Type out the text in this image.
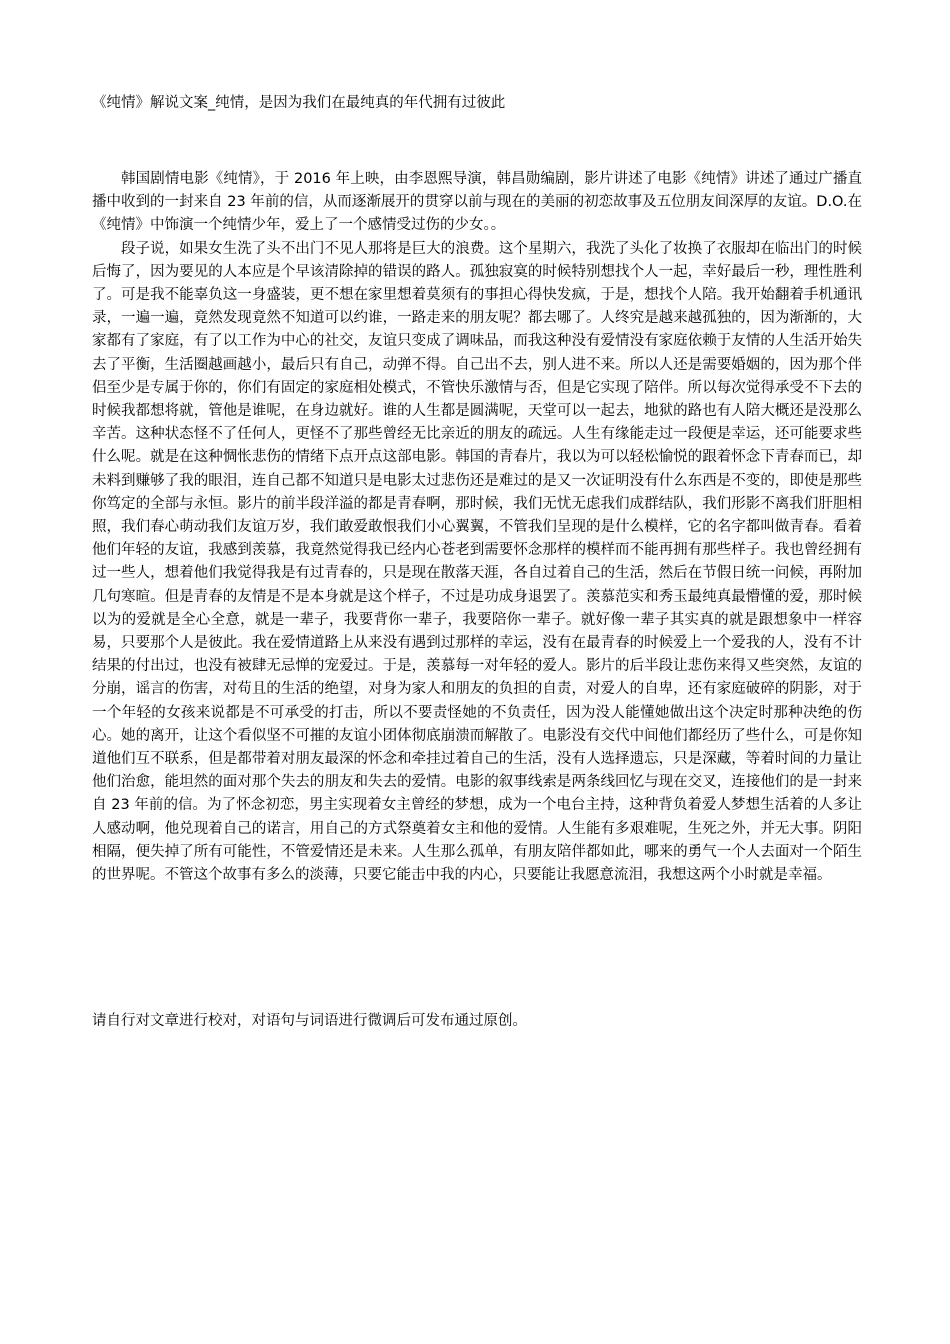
《纯情》解说文案_纯情，是因为我们在最纯真的年代拥有过彼此

韩国剧情电影《纯情》，于 2016 年上映，由李恩熙导演，韩昌勋编剧，影片讲述了电影《纯情》讲述了通过广播直播中收到的一封来自 23 年前的信，从而逐渐展开的贯穿以前与现在的美丽的初恋故事及五位朋友间深厚的友谊。D.O.在《纯情》中饰演一个纯情少年，爱上了一个感情受过伤的少女。。

段子说，如果女生洗了头不出门不见人那将是巨大的浪费。这个星期六，我洗了头化了妆换了衣服却在临出门的时候后悔了，因为要见的人本应是个早该清除掉的错误的路人。孤独寂寞的时候特别想找个人一起，幸好最后一秒，理性胜利了。可是我不能辜负这一身盛装，更不想在家里想着莫须有的事担心得快发疯，于是，想找个人陪。我开始翻着手机通讯录，一遍一遍，竟然发现竟然不知道可以约谁，一路走来的朋友呢？都去哪了。人终究是越来越孤独的，因为渐渐的，大家都有了家庭，有了以工作为中心的社交，友谊只变成了调味品，而我这种没有爱情没有家庭依赖于友情的人生活开始失去了平衡，生活圈越画越小，最后只有自己，动弹不得。自己出不去，别人进不来。所以人还是需要婚姻的，因为那个伴侣至少是专属于你的，你们有固定的家庭相处模式，不管快乐激情与否，但是它实现了陪伴。所以每次觉得承受不下去的时候我都想将就，管他是谁呢，在身边就好。谁的人生都是圆满呢，天堂可以一起去，地狱的路也有人陪大概还是没那么辛苦。这种状态怪不了任何人，更怪不了那些曾经无比亲近的朋友的疏远。人生有缘能走过一段便是幸运，还可能要求些什么呢。就是在这种惆怅悲伤的情绪下点开点这部电影。韩国的青春片，我以为可以轻松愉悦的跟着怀念下青春而已，却未料到赚够了我的眼泪，连自己都不知道只是电影太过悲伤还是难过的是又一次证明没有什么东西是不变的，即使是那些你笃定的全部与永恒。影片的前半段洋溢的都是青春啊，那时候，我们无忧无虑我们成群结队，我们形影不离我们肝胆相照，我们春心萌动我们友谊万岁，我们敢爱敢恨我们小心翼翼，不管我们呈现的是什么模样，它的名字都叫做青春。看着他们年轻的友谊，我感到羡慕，我竟然觉得我已经内心苍老到需要怀念那样的模样而不能再拥有那些样子。我也曾经拥有过一些人，想着他们我觉得我是有过青春的，只是现在散落天涯，各自过着自己的生活，然后在节假日统一问候，再附加几句寒暄。但是青春的友情是不是本身就是这个样子，不过是功成身退罢了。羡慕范实和秀玉最纯真最懵懂的爱，那时候以为的爱就是全心全意，就是一辈子，我要背你一辈子，我要陪你一辈子。就好像一辈子其实真的就是跟想象中一样容易，只要那个人是彼此。我在爱情道路上从来没有遇到过那样的幸运，没有在最青春的时候爱上一个爱我的人，没有不计结果的付出过，也没有被肆无忌惮的宠爱过。于是，羡慕每一对年轻的爱人。影片的后半段让悲伤来得又些突然，友谊的分崩，谣言的伤害，对苟且的生活的绝望，对身为家人和朋友的负担的自责，对爱人的自卑，还有家庭破碎的阴影，对于一个年轻的女孩来说都是不可承受的打击，所以不要责怪她的不负责任，因为没人能懂她做出这个决定时那种决绝的伤心。她的离开，让这个看似坚不可摧的友谊小团体彻底崩溃而解散了。电影没有交代中间他们都经历了些什么，可是你知道他们互不联系，但是都带着对朋友最深的怀念和牵挂过着自己的生活，没有人选择遗忘，只是深藏，等着时间的力量让他们治愈，能坦然的面对那个失去的朋友和失去的爱情。电影的叙事线索是两条线回忆与现在交叉，连接他们的是一封来自 23 年前的信。为了怀念初恋，男主实现着女主曾经的梦想，成为一个电台主持，这种背负着爱人梦想生活着的人多让人感动啊，他兑现着自己的诺言，用自己的方式祭奠着女主和他的爱情。人生能有多艰难呢，生死之外，并无大事。阴阳相隔，便失掉了所有可能性，不管爱情还是未来。人生那么孤单，有朋友陪伴都如此，哪来的勇气一个人去面对一个陌生的世界呢。不管这个故事有多么的淡薄，只要它能击中我的内心，只要能让我愿意流泪，我想这两个小时就是幸福。

请自行对文章进行校对，对语句与词语进行微调后可发布通过原创。
